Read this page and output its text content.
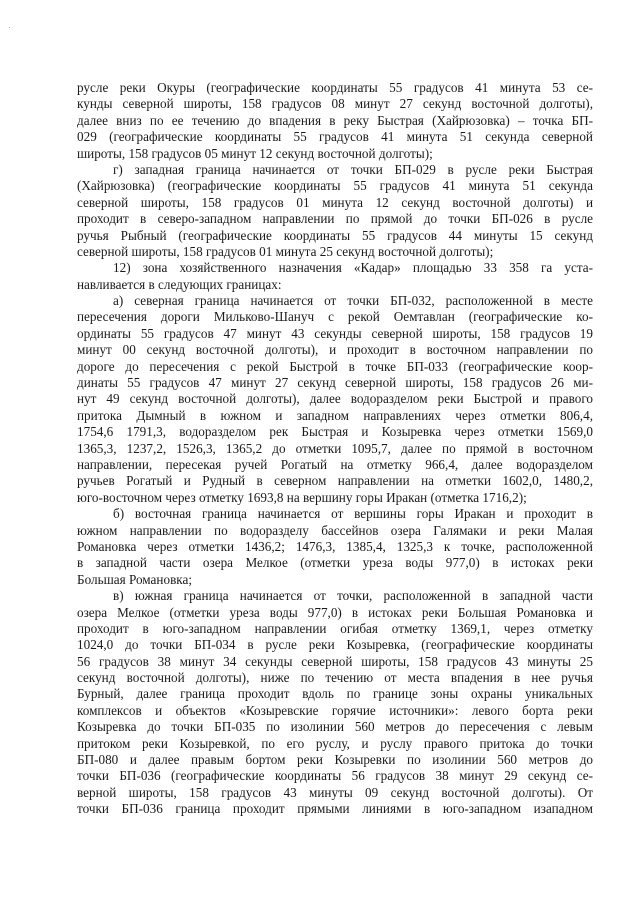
·
русле реки Окуры (географические координаты 55 градусов 41 минута 53 се-
кунды северной широты, 158 градусов 08 минут 27 секунд восточной долготы),
далее вниз по ее течению до впадения в реку Быстрая (Хайрюзовка) – точка БП-
029 (географические координаты 55 градусов 41 минута 51 секунда северной
широты, 158 градусов 05 минут 12 секунд восточной долготы);
г) западная граница начинается от точки БП-029 в русле реки Быстрая
(Хайрюзовка) (географические координаты 55 градусов 41 минута 51 секунда
северной широты, 158 градусов 01 минута 12 секунд восточной долготы) и
проходит в северо-западном направлении по прямой до точки БП-026 в русле
ручья Рыбный (географические координаты 55 градусов 44 минуты 15 секунд
северной широты, 158 градусов 01 минута 25 секунд восточной долготы);
12) зона хозяйственного назначения «Кадар» площадью 33 358 га уста-
навливается в следующих границах:
а) северная граница начинается от точки БП-032, расположенной в месте
пересечения дороги Мильково-Шануч с рекой Оемтавлан (географические ко-
ординаты 55 градусов 47 минут 43 секунды северной широты, 158 градусов 19
минут 00 секунд восточной долготы), и проходит в восточном направлении по
дороге до пересечения с рекой Быстрой в точке БП-033 (географические коор-
динаты 55 градусов 47 минут 27 секунд северной широты, 158 градусов 26 ми-
нут 49 секунд восточной долготы), далее водоразделом реки Быстрой и правого
притока Дымный в южном и западном направлениях через отметки 806,4,
1754,6 1791,3, водоразделом рек Быстрая и Козыревка через отметки 1569,0
1365,3, 1237,2, 1526,3, 1365,2 до отметки 1095,7, далее по прямой в восточном
направлении, пересекая ручей Рогатый на отметку 966,4, далее водоразделом
ручьев Рогатый и Рудный в северном направлении на отметки 1602,0, 1480,2,
юго-восточном через отметку 1693,8 на вершину горы Иракан (отметка 1716,2);
б) восточная граница начинается от вершины горы Иракан и проходит в
южном направлении по водоразделу бассейнов озера Галямаки и реки Малая
Романовка через отметки 1436,2; 1476,3, 1385,4, 1325,3 к точке, расположенной
в западной части озера Мелкое (отметки уреза воды 977,0) в истоках реки
Большая Романовка;
в) южная граница начинается от точки, расположенной в западной части
озера Мелкое (отметки уреза воды 977,0) в истоках реки Большая Романовка и
проходит в юго-западном направлении огибая отметку 1369,1, через отметку
1024,0 до точки БП-034 в русле реки Козыревка, (географические координаты
56 градусов 38 минут 34 секунды северной широты, 158 градусов 43 минуты 25
секунд восточной долготы), ниже по течению от места впадения в нее ручья
Бурный, далее граница проходит вдоль по границе зоны охраны уникальных
комплексов и объектов «Козыревские горячие источники»: левого борта реки
Козыревка до точки БП-035 по изолинии 560 метров до пересечения с левым
притоком реки Козыревкой, по его руслу, и руслу правого притока до точки
БП-080 и далее правым бортом реки Козыревки по изолинии 560 метров до
точки БП-036 (географические координаты 56 градусов 38 минут 29 секунд се-
верной широты, 158 градусов 43 минуты 09 секунд восточной долготы). От
точки БП-036 граница проходит прямыми линиями в юго-западном изападном
